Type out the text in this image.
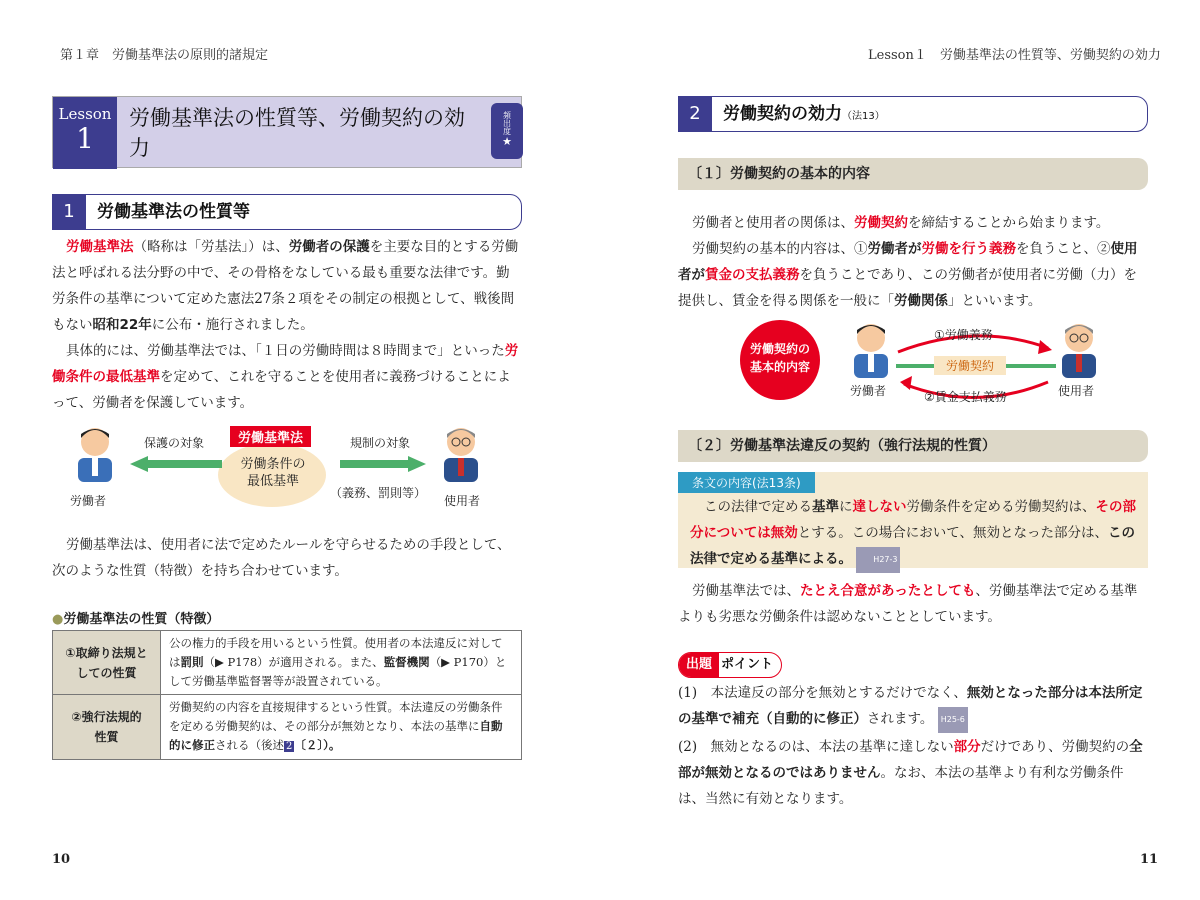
第１章　労働基準法の原則的諸規定
Lesson
1
労働基準法の性質等、労働契約の効力
頻出度
★
1	労働基準法の性質等
労働基準法（略称は「労基法」）は、労働者の保護を主要な目的とする労働法と呼ばれる法分野の中で、その骨格をなしている最も重要な法律です。勤労条件の基準について定めた憲法27条２項をその制定の根拠として、戦後間もない昭和22年に公布・施行されました。
具体的には、労働基準法では、「１日の労働時間は８時間まで」といった労働条件の最低基準を定めて、これを守ることを使用者に義務づけることによって、労働者を保護しています。
労働者
保護の対象	労働基準法
労働条件の
最低基準
規制の対象
（義務、罰則等）
使用者
労働基準法は、使用者に法で定めたルールを守らせるための手段として、次のような性質（特徴）を持ち合わせています。
●労働基準法の性質（特徴）
①取締り法規と
しての性質	公の権力的手段を用いるという性質。使用者の本法違反に対しては罰則（▶ P178）が適用される。また、監督機関（▶ P170）として労働基準監督署等が設置されている。
②強行法規的
性質	労働契約の内容を直接規律するという性質。本法違反の労働条件を定める労働契約は、その部分が無効となり、本法の基準に自動的に修正される（後述 2 〔２〕）。
10
Lesson１　労働基準法の性質等、労働契約の効力
2	労働契約の効力（法13）
〔１〕労働契約の基本的内容
労働者と使用者の関係は、労働契約を締結することから始まります。
労働契約の基本的内容は、①労働者が労働を行う義務を負うこと、②使用者が賃金の支払義務を負うことであり、この労働者が使用者に労働（力）を提供し、賃金を得る関係を一般に「労働関係」といいます。
労働契約の
基本的内容
労働者
①労働義務
労働契約
②賃金支払義務	使用者
〔２〕労働基準法違反の契約（強行法規的性質）
条文の内容(法13条)
この法律で定める基準に達しない労働条件を定める労働契約は、その部分については無効とする。この場合において、無効となった部分は、この法律で定める基準による。	H27-3
労働基準法では、たとえ合意があったとしても、労働基準法で定める基準よりも劣悪な労働条件は認めないこととしています。
出題 ポイント
(1)　本法違反の部分を無効とするだけでなく、無効となった部分は本法所定の基準で補充（自動的に修正）されます。 H25-6
(2)　無効となるのは、本法の基準に達しない部分だけであり、労働契約の全部が無効となるのではありません。なお、本法の基準より有利な労働条件は、当然に有効となります。
11
